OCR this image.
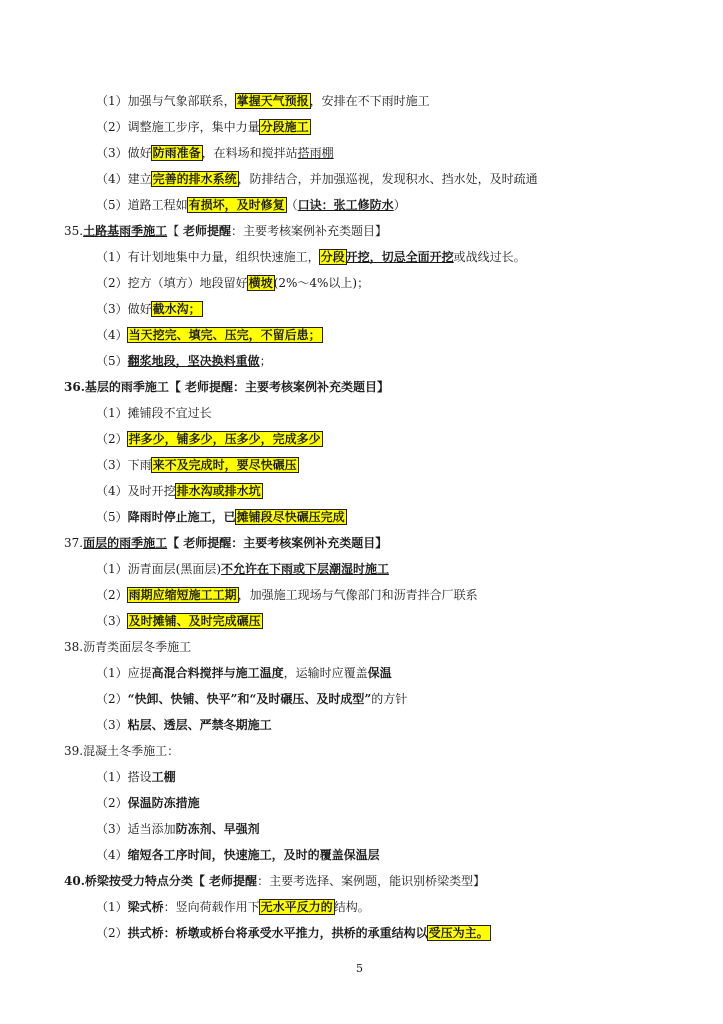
5
（1）加强与气象部联系，掌握天气预报，安排在不下雨时施工
（2）调整施工步序，集中力量分段施工
（3）做好防雨准备，在料场和搅拌站搭雨棚
（4）建立完善的排水系统，防排结合，并加强巡视，发现积水、挡水处，及时疏通
（5）道路工程如有损坏，及时修复（口诀：张工修防水）
35.土路基雨季施工【 老师提醒：主要考核案例补充类题目】
（1）有计划地集中力量，组织快速施工，分段开挖，切忌全面开挖或战线过长。
（2）挖方（填方）地段留好横坡(2%～4%以上)；
（3）做好截水沟；
（4）当天挖完、填完、压完，不留后患；
（5）翻浆地段，坚决换料重做；
36.基层的雨季施工【 老师提醒：主要考核案例补充类题目】
（1）摊铺段不宜过长
（2）拌多少，铺多少，压多少，完成多少
（3）下雨来不及完成时，要尽快碾压
（4）及时开挖排水沟或排水坑
（5）降雨时停止施工，已摊铺段尽快碾压完成
37.面层的雨季施工【 老师提醒：主要考核案例补充类题目】
（1）沥青面层(黑面层)不允许在下雨或下层潮湿时施工
（2）雨期应缩短施工工期，加强施工现场与气像部门和沥青拌合厂联系
（3）及时摊铺、及时完成碾压
38.沥青类面层冬季施工
（1）应提高混合料搅拌与施工温度，运输时应覆盖保温
（2）“快卸、快铺、快平”和“及时碾压、及时成型”的方针
（3）粘层、透层、严禁冬期施工
39.混凝土冬季施工：
（1）搭设工棚
（2）保温防冻措施
（3）适当添加防冻剂、早强剂
（4）缩短各工序时间，快速施工，及时的覆盖保温层
40.桥梁按受力特点分类【 老师提醒：主要考选择、案例题，能识别桥梁类型】
（1）梁式桥：竖向荷载作用下无水平反力的结构。
（2）拱式桥：桥墩或桥台将承受水平推力，拱桥的承重结构以受压为主。
